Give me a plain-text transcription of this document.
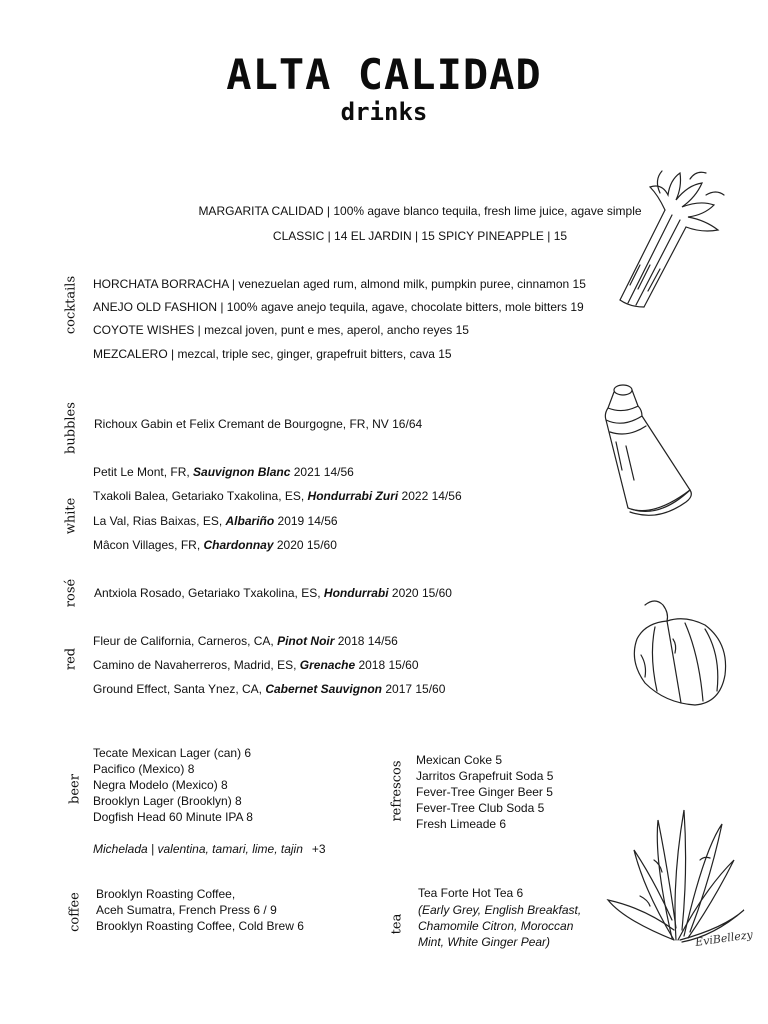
ALTA CALIDAD
drinks
MARGARITA CALIDAD | 100% agave blanco tequila, fresh lime juice, agave simple
CLASSIC | 14 EL JARDIN | 15 SPICY PINEAPPLE | 15
cocktails HORCHATA BORRACHA | venezuelan aged rum, almond milk, pumpkin puree, cinnamon 15
ANEJO OLD FASHION | 100% agave anejo tequila, agave, chocolate bitters, mole bitters 19
COYOTE WISHES | mezcal joven, punt e mes, aperol, ancho reyes 15
MEZCALERO | mezcal, triple sec, ginger, grapefruit bitters, cava 15
bubbles Richoux Gabin et Felix Cremant de Bourgogne, FR, NV 16/64
white
Petit Le Mont, FR, Sauvignon Blanc 2021 14/56
Txakoli Balea, Getariako Txakolina, ES, Hondurrabi Zuri 2022 14/56
La Val, Rias Baixas, ES, Albariño 2019 14/56
Mâcon Villages, FR, Chardonnay 2020 15/60
rosé Antxiola Rosado, Getariako Txakolina, ES, Hondurrabi 2020 15/60
red
Fleur de California, Carneros, CA, Pinot Noir 2018 14/56
Camino de Navaherreros, Madrid, ES, Grenache 2018 15/60
Ground Effect, Santa Ynez, CA, Cabernet Sauvignon 2017 15/60
beer
Tecate Mexican Lager (can) 6
Pacifico (Mexico) 8
Negra Modelo (Mexico) 8
Brooklyn Lager (Brooklyn) 8
Dogfish Head 60 Minute IPA 8
Michelada | valentina, tamari, lime, tajin +3
refrescos
Mexican Coke 5
Jarritos Grapefruit Soda 5
Fever-Tree Ginger Beer 5
Fever-Tree Club Soda 5
Fresh Limeade 6
coffee Brooklyn Roasting Coffee,
Aceh Sumatra, French Press 6 / 9
Brooklyn Roasting Coffee, Cold Brew 6	tea
Tea Forte Hot Tea 6
(Early Grey, English Breakfast,
Chamomile Citron, Moroccan
Mint, White Ginger Pear)	EviBellezy
